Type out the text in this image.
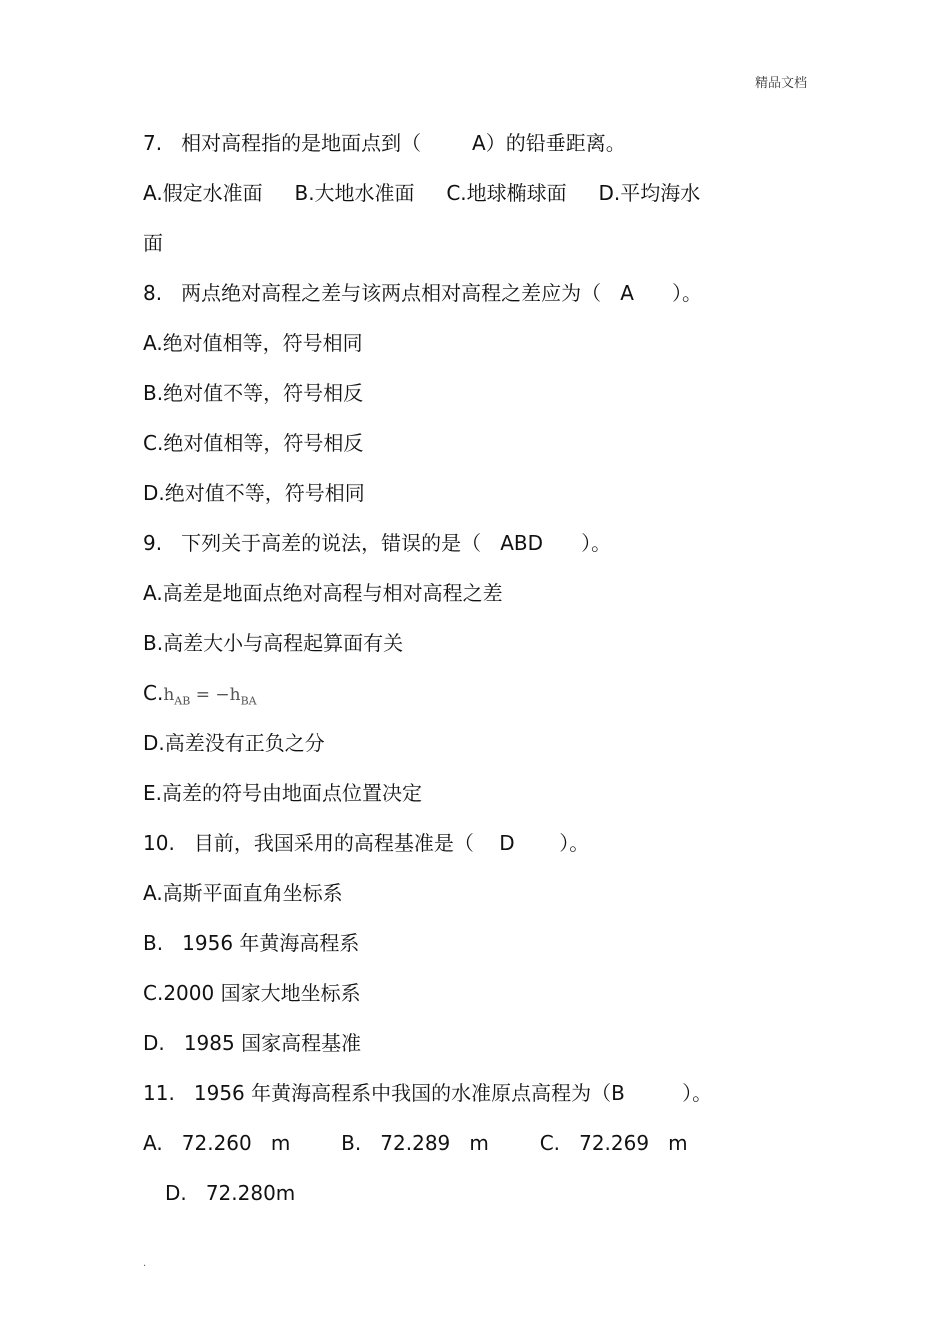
精品文档
7.   相对高程指的是地面点到（        A）的铅垂距离。
A.假定水准面     B.大地水准面     C.地球椭球面     D.平均海水
面
8.   两点绝对高程之差与该两点相对高程之差应为（   A      ）。
A.绝对值相等，符号相同
B.绝对值不等，符号相反
C.绝对值相等，符号相反
D.绝对值不等，符号相同
9.   下列关于高差的说法，错误的是（   ABD      ）。
A.高差是地面点绝对高程与相对高程之差
B.高差大小与高程起算面有关
$C.h_{AB} = -h_{BA}$
D.高差没有正负之分
E.高差的符号由地面点位置决定
10.   目前，我国采用的高程基准是（    D       ）。
A.高斯平面直角坐标系
B.   1956 年黄海高程系
C.2000 国家大地坐标系
D.   1985 国家高程基准
11.   1956 年黄海高程系中我国的水准原点高程为（B         ）。
A.   72.260   m        B.   72.289   m        C.   72.269   m
D.   72.280m
.
